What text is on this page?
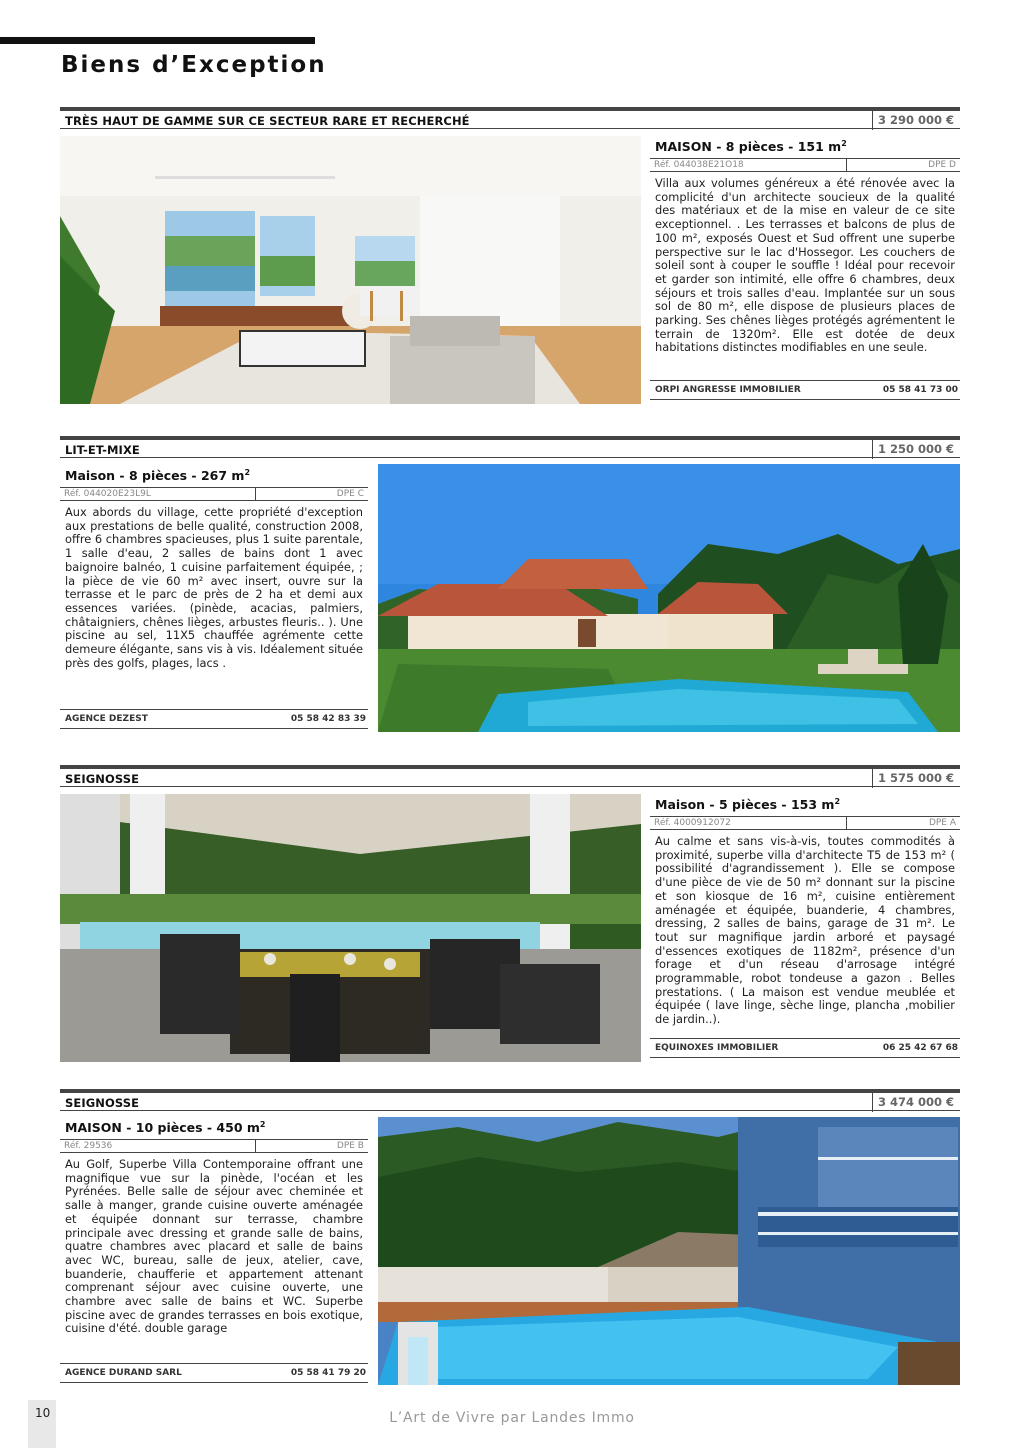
Biens d’Exception
TRÈS HAUT DE GAMME SUR CE SECTEUR RARE ET RECHERCHÉ	3 290 000 €
MAISON - 8 pièces - 151 $m^2$
Réf. 044038E21O18	DPE D
Villa aux volumes généreux a été rénovée avec la complicité d'un architecte soucieux de la qualité des matériaux et de la mise en valeur de ce site exceptionnel. . Les terrasses et balcons de plus de 100 m², exposés Ouest et Sud offrent une superbe perspective sur le lac d'Hossegor. Les couchers de soleil sont à couper le souffle ! Idéal pour recevoir et garder son intimité, elle offre 6 chambres, deux séjours et trois salles d'eau. Implantée sur un sous sol de 80 m², elle dispose de plusieurs places de parking. Ses chênes lièges protégés agrémentent le terrain de 1320m². Elle est dotée de deux habitations distinctes modifiables en une seule.
ORPI ANGRESSE IMMOBILIER	05 58 41 73 00
LIT-ET-MIXE	1 250 000 €
Maison - 8 pièces - 267 $m^2$
Réf. 044020E23L9L	DPE C
Aux abords du village, cette propriété d'exception aux prestations de belle qualité, construction 2008, offre 6 chambres spacieuses, plus 1 suite parentale, 1 salle d'eau, 2 salles de bains dont 1 avec baignoire balnéo, 1 cuisine parfaitement équipée, ; la pièce de vie 60 m² avec insert, ouvre sur la terrasse et le parc de près de 2 ha et demi aux essences variées. (pinède, acacias, palmiers, châtaigniers, chênes lièges, arbustes fleuris.. ). Une piscine au sel, 11X5 chauffée agrémente cette demeure élégante, sans vis à vis. Idéalement située près des golfs, plages, lacs .
AGENCE DEZEST	05 58 42 83 39
SEIGNOSSE	1 575 000 €
Maison - 5 pièces - 153 $m^2$
Réf. 4000912072	DPE A
Au calme et sans vis-à-vis, toutes commodités à proximité, superbe villa d'architecte T5 de 153 m² ( possibilité d'agrandissement ). Elle se compose d'une pièce de vie de 50 m² donnant sur la piscine et son kiosque de 16 m², cuisine entièrement aménagée et équipée, buanderie, 4 chambres, dressing, 2 salles de bains, garage de 31 m². Le tout sur magnifique jardin arboré et paysagé d'essences exotiques de 1182m², présence d'un forage et d'un réseau d'arrosage intégré programmable, robot tondeuse a gazon . Belles prestations. ( La maison est vendue meublée et équipée ( lave linge, sèche linge, plancha ,mobilier de jardin..).
EQUINOXES IMMOBILIER	06 25 42 67 68
SEIGNOSSE	3 474 000 €
MAISON - 10 pièces - 450 $m^2$
Réf. 29536	DPE B
Au Golf, Superbe Villa Contemporaine offrant une magnifique vue sur la pinède, l'océan et les Pyrénées. Belle salle de séjour avec cheminée et salle à manger, grande cuisine ouverte aménagée et équipée donnant sur terrasse, chambre principale avec dressing et grande salle de bains, quatre chambres avec placard et salle de bains avec WC, bureau, salle de jeux, atelier, cave, buanderie, chaufferie et appartement attenant comprenant séjour avec cuisine ouverte, une chambre avec salle de bains et WC. Superbe piscine avec de grandes terrasses en bois exotique, cuisine d'été. double garage
AGENCE DURAND SARL	05 58 41 79 20
10	L’Art de Vivre par Landes Immo
